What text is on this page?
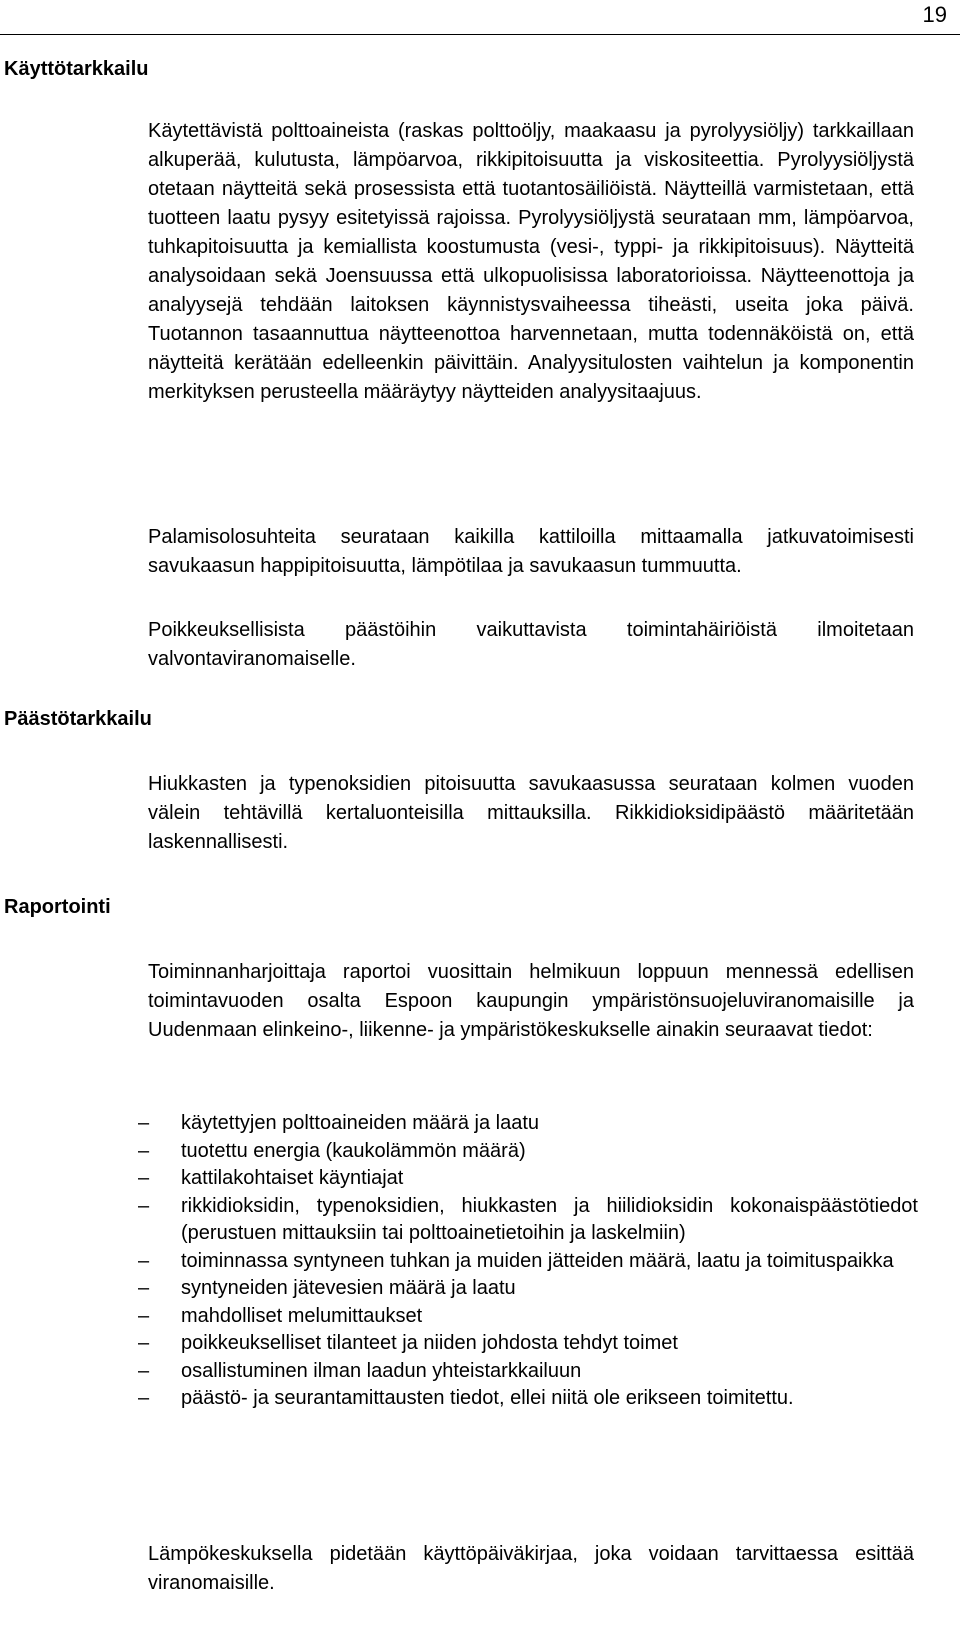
19
Käyttötarkkailu

Käytettävistä polttoaineista (raskas polttoöljy, maakaasu ja pyrolyysiöljy) tarkkaillaan alkuperää, kulutusta, lämpöarvoa, rikkipitoisuutta ja viskositeettia. Pyrolyysiöljystä otetaan näytteitä sekä prosessista että tuotantosäiliöistä. Näytteillä varmistetaan, että tuotteen laatu pysyy esitetyissä rajoissa. Pyrolyysiöljystä seurataan mm, lämpöarvoa, tuhkapitoisuutta ja kemiallista koostumusta (vesi-, typpi- ja rikkipitoisuus). Näytteitä analysoidaan sekä Joensuussa että ulkopuolisissa laboratorioissa. Näytteenottoja ja analyysejä tehdään laitoksen käynnistysvaiheessa tiheästi, useita joka päivä. Tuotannon tasaannuttua näytteenottoa harvennetaan, mutta todennäköistä on, että näytteitä kerätään edelleenkin päivittäin. Analyysitulosten vaihtelun ja komponentin merkityksen perusteella määräytyy näytteiden analyysitaajuus.

Palamisolosuhteita seurataan kaikilla kattiloilla mittaamalla jatkuvatoimisesti savukaasun happipitoisuutta, lämpötilaa ja savukaasun tummuutta.

Poikkeuksellisista päästöihin vaikuttavista toimintahäiriöistä ilmoitetaan valvontaviranomaiselle.

Päästötarkkailu

Hiukkasten ja typenoksidien pitoisuutta savukaasussa seurataan kolmen vuoden välein tehtävillä kertaluonteisilla mittauksilla. Rikkidioksidipäästö määritetään laskennallisesti.

Raportointi

Toiminnanharjoittaja raportoi vuosittain helmikuun loppuun mennessä edellisen toimintavuoden osalta Espoon kaupungin ympäristönsuojeluviranomaisille ja Uudenmaan elinkeino-, liikenne- ja ympäristökeskukselle ainakin seuraavat tiedot:

– käytettyjen polttoaineiden määrä ja laatu
– tuotettu energia (kaukolämmön määrä)
– kattilakohtaiset käyntiajat
– rikkidioksidin, typenoksidien, hiukkasten ja hiilidioksidin kokonaispäästötiedot (perustuen mittauksiin tai polttoainetietoihin ja laskelmiin)
– toiminnassa syntyneen tuhkan ja muiden jätteiden määrä, laatu ja toimituspaikka
– syntyneiden jätevesien määrä ja laatu
– mahdolliset melumittaukset
– poikkeukselliset tilanteet ja niiden johdosta tehdyt toimet
– osallistuminen ilman laadun yhteistarkkailuun
– päästö- ja seurantamittausten tiedot, ellei niitä ole erikseen toimitettu.

Lämpökeskuksella pidetään käyttöpäiväkirjaa, joka voidaan tarvittaessa esittää viranomaisille.
